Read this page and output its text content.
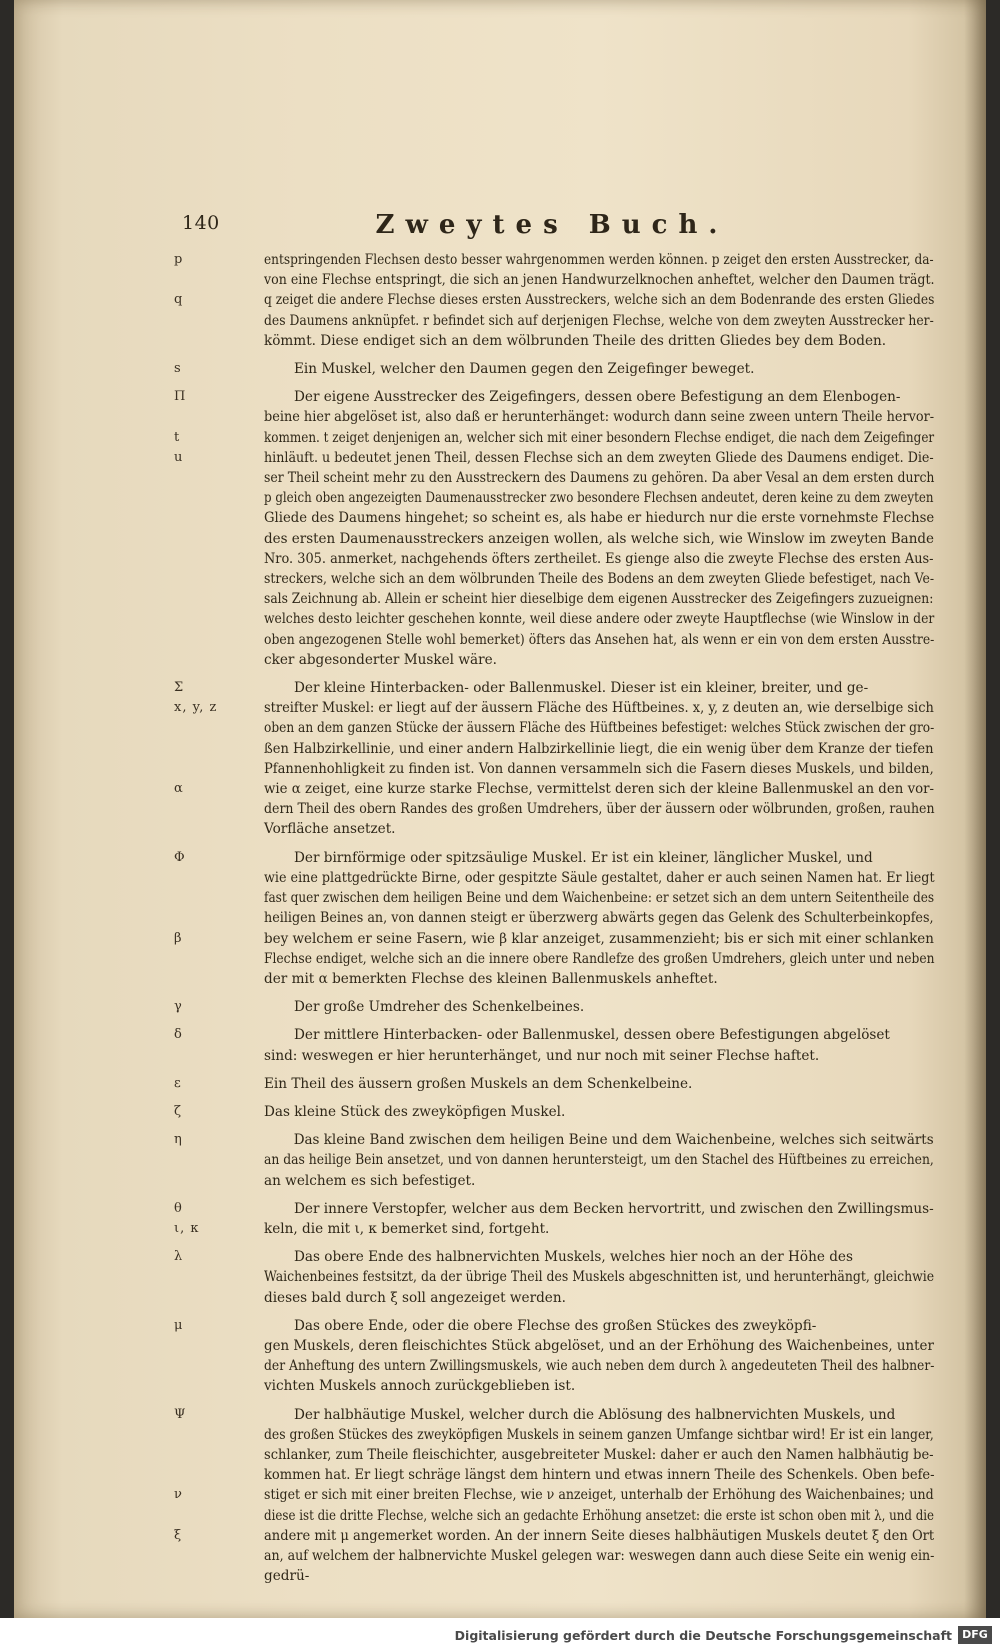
140	Zweytes Buch.
p	entspringenden Flechsen desto besser wahrgenommen werden können. p zeiget den ersten Ausstrecker, da-
von eine Flechse entspringt, die sich an jenen Handwurzelknochen anheftet, welcher den Daumen trägt.
q	q zeiget die andere Flechse dieses ersten Ausstreckers, welche sich an dem Bodenrande des ersten Gliedes
des Daumens anknüpfet. r befindet sich auf derjenigen Flechse, welche von dem zweyten Ausstrecker her-
kömmt. Diese endiget sich an dem wölbrunden Theile des dritten Gliedes bey dem Boden.
s	Ein Muskel, welcher den Daumen gegen den Zeigefinger beweget.
Π	Der eigene Ausstrecker des Zeigefingers, dessen obere Befestigung an dem Elenbogen-
beine hier abgelöset ist, also daß er herunterhänget: wodurch dann seine zween untern Theile hervor-
t	kommen. t zeiget denjenigen an, welcher sich mit einer besondern Flechse endiget, die nach dem Zeigefinger
u	hinläuft. u bedeutet jenen Theil, dessen Flechse sich an dem zweyten Gliede des Daumens endiget. Die-
ser Theil scheint mehr zu den Ausstreckern des Daumens zu gehören. Da aber Vesal an dem ersten durch
p gleich oben angezeigten Daumenausstrecker zwo besondere Flechsen andeutet, deren keine zu dem zweyten
Gliede des Daumens hingehet; so scheint es, als habe er hiedurch nur die erste vornehmste Flechse
des ersten Daumenausstreckers anzeigen wollen, als welche sich, wie Winslow im zweyten Bande
Nro. 305. anmerket, nachgehends öfters zertheilet. Es gienge also die zweyte Flechse des ersten Aus-
streckers, welche sich an dem wölbrunden Theile des Bodens an dem zweyten Gliede befestiget, nach Ve-
sals Zeichnung ab. Allein er scheint hier dieselbige dem eigenen Ausstrecker des Zeigefingers zuzueignen:
welches desto leichter geschehen konnte, weil diese andere oder zweyte Hauptflechse (wie Winslow in der
oben angezogenen Stelle wohl bemerket) öfters das Ansehen hat, als wenn er ein von dem ersten Ausstre-
cker abgesonderter Muskel wäre.
Σ	Der kleine Hinterbacken- oder Ballenmuskel. Dieser ist ein kleiner, breiter, und ge-
x, y, z	streifter Muskel: er liegt auf der äussern Fläche des Hüftbeines. x, y, z deuten an, wie derselbige sich
oben an dem ganzen Stücke der äussern Fläche des Hüftbeines befestiget: welches Stück zwischen der gro-
ßen Halbzirkellinie, und einer andern Halbzirkellinie liegt, die ein wenig über dem Kranze der tiefen
Pfannenhohligkeit zu finden ist. Von dannen versammeln sich die Fasern dieses Muskels, und bilden,
α	wie α zeiget, eine kurze starke Flechse, vermittelst deren sich der kleine Ballenmuskel an den vor-
dern Theil des obern Randes des großen Umdrehers, über der äussern oder wölbrunden, großen, rauhen
Vorfläche ansetzet.
Φ	Der birnförmige oder spitzsäulige Muskel. Er ist ein kleiner, länglicher Muskel, und
wie eine plattgedrückte Birne, oder gespitzte Säule gestaltet, daher er auch seinen Namen hat. Er liegt
fast quer zwischen dem heiligen Beine und dem Waichenbeine: er setzet sich an dem untern Seitentheile des
heiligen Beines an, von dannen steigt er überzwerg abwärts gegen das Gelenk des Schulterbeinkopfes,
β	bey welchem er seine Fasern, wie β klar anzeiget, zusammenzieht; bis er sich mit einer schlanken
Flechse endiget, welche sich an die innere obere Randlefze des großen Umdrehers, gleich unter und neben
der mit α bemerkten Flechse des kleinen Ballenmuskels anheftet.
γ	Der große Umdreher des Schenkelbeines.
δ	Der mittlere Hinterbacken- oder Ballenmuskel, dessen obere Befestigungen abgelöset
sind: weswegen er hier herunterhänget, und nur noch mit seiner Flechse haftet.
ε	Ein Theil des äussern großen Muskels an dem Schenkelbeine.
ζ	Das kleine Stück des zweyköpfigen Muskel.
η	Das kleine Band zwischen dem heiligen Beine und dem Waichenbeine, welches sich seitwärts
an das heilige Bein ansetzet, und von dannen heruntersteigt, um den Stachel des Hüftbeines zu erreichen,
an welchem es sich befestiget.
θ	Der innere Verstopfer, welcher aus dem Becken hervortritt, und zwischen den Zwillingsmus-
ι, κ	keln, die mit ι, κ bemerket sind, fortgeht.
λ	Das obere Ende des halbnervichten Muskels, welches hier noch an der Höhe des
Waichenbeines festsitzt, da der übrige Theil des Muskels abgeschnitten ist, und herunterhängt, gleichwie
dieses bald durch ξ soll angezeiget werden.
μ	Das obere Ende, oder die obere Flechse des großen Stückes des zweyköpfi-
gen Muskels, deren fleischichtes Stück abgelöset, und an der Erhöhung des Waichenbeines, unter
der Anheftung des untern Zwillingsmuskels, wie auch neben dem durch λ angedeuteten Theil des halbner-
vichten Muskels annoch zurückgeblieben ist.
Ψ	Der halbhäutige Muskel, welcher durch die Ablösung des halbnervichten Muskels, und
des großen Stückes des zweyköpfigen Muskels in seinem ganzen Umfange sichtbar wird! Er ist ein langer,
schlanker, zum Theile fleischichter, ausgebreiteter Muskel: daher er auch den Namen halbhäutig be-
kommen hat. Er liegt schräge längst dem hintern und etwas innern Theile des Schenkels. Oben befe-
ν	stiget er sich mit einer breiten Flechse, wie ν anzeiget, unterhalb der Erhöhung des Waichenbaines; und
diese ist die dritte Flechse, welche sich an gedachte Erhöhung ansetzet: die erste ist schon oben mit λ, und die
ξ	andere mit μ angemerket worden. An der innern Seite dieses halbhäutigen Muskels deutet ξ den Ort
an, auf welchem der halbnervichte Muskel gelegen war: weswegen dann auch diese Seite ein wenig ein-
gedrü-
Digitalisierung gefördert durch die Deutsche Forschungsgemeinschaft DFG
